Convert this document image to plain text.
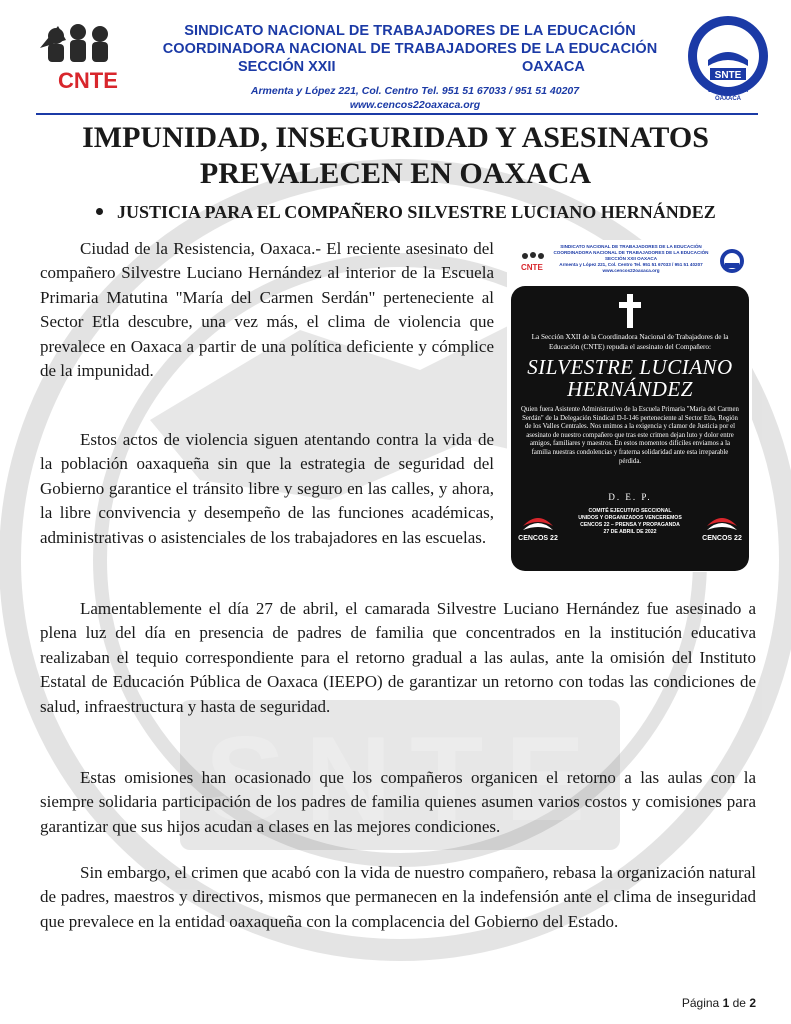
S N T E
CNTE
SINDICATO NACIONAL DE TRABAJADORES DE LA EDUCACIÓN
COORDINADORA NACIONAL DE TRABAJADORES DE LA EDUCACIÓN
SECCIÓN XXII	OAXACA
Armenta y López 221, Col. Centro Tel. 951 51 67033 / 951 51 40207
www.cencos22oaxaca.org
SNTE
SECCION XXII
OAXACA
IMPUNIDAD, INSEGURIDAD Y ASESINATOS
PREVALECEN EN OAXACA
JUSTICIA PARA EL COMPAÑERO SILVESTRE LUCIANO HERNÁNDEZ

Ciudad de la Resistencia, Oaxaca.- El reciente asesinato del compañero Silvestre Luciano Hernández al interior de la Escuela Primaria Matutina "María del Carmen Serdán" perteneciente al Sector Etla descubre, una vez más, el clima de violencia que prevalece en Oaxaca a partir de una política deficiente y cómplice de la impunidad.

Estos actos de violencia siguen atentando contra la vida de la población oaxaqueña sin que la estrategia de seguridad del Gobierno garantice el tránsito libre y seguro en las calles, y ahora, la libre convivencia y desempeño de las funciones académicas, administrativas o asistenciales de los trabajadores en las escuelas.

CNTE
SINDICATO NACIONAL DE TRABAJADORES DE LA EDUCACIÓN
COORDINADORA NACIONAL DE TRABAJADORES DE LA EDUCACIÓN
SECCIÓN XXII OAXACA
Armenta y López 221, Col. Centro Tel. 951 51 67033 / 951 51 40207
www.cencos22oaxaca.org
La Sección XXII de la Coordinadora Nacional de Trabajadores de la Educación (CNTE) repudia el asesinato del Compañero:
SILVESTRE LUCIANO
HERNÁNDEZ
Quien fuera Asistente Administrativo de la Escuela Primaria "María del Carmen Serdán" de la Delegación Sindical D-I-146 perteneciente al Sector Etla, Región de los Valles Centrales. Nos unimos a la exigencia y clamor de Justicia por el asesinato de nuestro compañero que tras este crimen dejan luto y dolor entre amigos, familiares y maestros. En estos momentos difíciles enviamos a la familia nuestras condolencias y fraterna solidaridad ante esta irreparable pérdida.
D. E. P.
COMITÉ EJECUTIVO SECCIONAL
UNIDOS Y ORGANIZADOS VENCEREMOS
CENCOS 22 – PRENSA Y PROPAGANDA
27 DE ABRIL DE 2022
CENCOS 22	CENCOS 22

Lamentablemente el día 27 de abril, el camarada Silvestre Luciano Hernández fue asesinado a plena luz del día en presencia de padres de familia que concentrados en la institución educativa realizaban el tequio correspondiente para el retorno gradual a las aulas, ante la omisión del Instituto Estatal de Educación Pública de Oaxaca (IEEPO) de garantizar un retorno con todas las condiciones de salud, infraestructura y hasta de seguridad.

Estas omisiones han ocasionado que los compañeros organicen el retorno a las aulas con la siempre solidaria participación de los padres de familia quienes asumen varios costos y comisiones para garantizar que sus hijos acudan a clases en las mejores condiciones.

Sin embargo, el crimen que acabó con la vida de nuestro compañero, rebasa la organización natural de padres, maestros y directivos, mismos que permanecen en la indefensión ante el clima de inseguridad que prevalece en la entidad oaxaqueña con la complacencia del Gobierno del Estado.

Página 1 de 2
